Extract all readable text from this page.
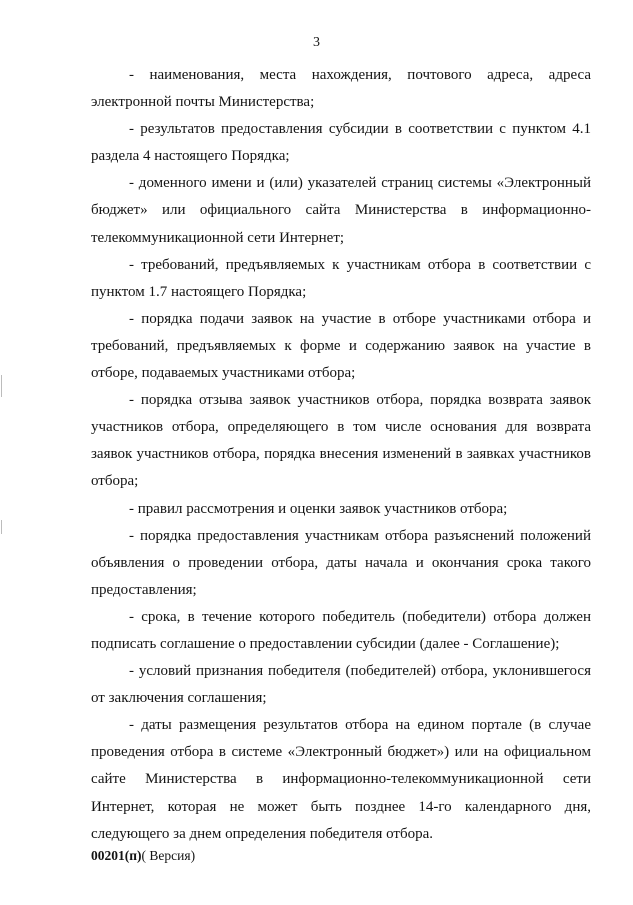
3

- наименования, места нахождения, почтового адреса, адреса электронной почты Министерства;

- результатов предоставления субсидии в соответствии с пунктом 4.1 раздела 4 настоящего Порядка;

- доменного имени и (или) указателей страниц системы «Электронный бюджет» или официального сайта Министерства в информационно-телекоммуникационной сети Интернет;

- требований, предъявляемых к участникам отбора в соответствии с пунктом 1.7 настоящего Порядка;

- порядка подачи заявок на участие в отборе участниками отбора и требований, предъявляемых к форме и содержанию заявок на участие в отборе, подаваемых участниками отбора;

- порядка отзыва заявок участников отбора, порядка возврата заявок участников отбора, определяющего в том числе основания для возврата заявок участников отбора, порядка внесения изменений в заявках участников отбора;

- правил рассмотрения и оценки заявок участников отбора;

- порядка предоставления участникам отбора разъяснений положений объявления о проведении отбора, даты начала и окончания срока такого предоставления;

- срока, в течение которого победитель (победители) отбора должен подписать соглашение о предоставлении субсидии (далее - Соглашение);

- условий признания победителя (победителей) отбора, уклонившегося от заключения соглашения;

- даты размещения результатов отбора на едином портале (в случае проведения отбора в системе «Электронный бюджет») или на официальном сайте Министерства в информационно-телекоммуникационной сети Интернет, которая не может быть позднее 14-го календарного дня, следующего за днем определения победителя отбора.

00201(п)( Версия)
